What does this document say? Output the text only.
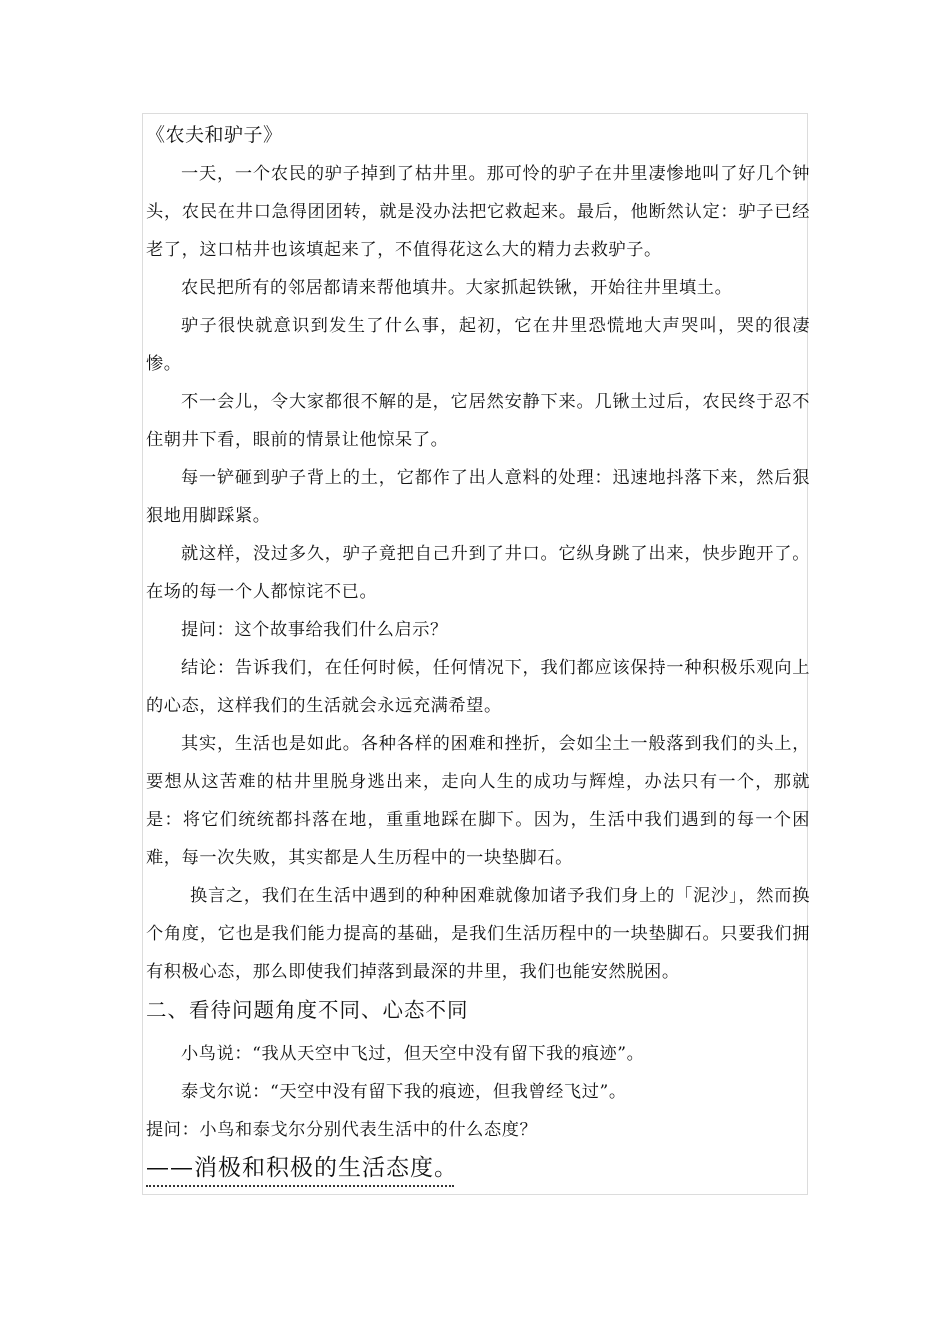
《农夫和驴子》

一天，一个农民的驴子掉到了枯井里。那可怜的驴子在井里凄惨地叫了好几个钟头，农民在井口急得团团转，就是没办法把它救起来。最后，他断然认定：驴子已经老了，这口枯井也该填起来了，不值得花这么大的精力去救驴子。

农民把所有的邻居都请来帮他填井。大家抓起铁锹，开始往井里填土。

驴子很快就意识到发生了什么事，起初，它在井里恐慌地大声哭叫，哭的很凄惨。

不一会儿，令大家都很不解的是，它居然安静下来。几锹土过后，农民终于忍不住朝井下看，眼前的情景让他惊呆了。

每一铲砸到驴子背上的土，它都作了出人意料的处理：迅速地抖落下来，然后狠狠地用脚踩紧。

就这样，没过多久，驴子竟把自己升到了井口。它纵身跳了出来，快步跑开了。在场的每一个人都惊诧不已。

提问：这个故事给我们什么启示？

结论：告诉我们，在任何时候，任何情况下，我们都应该保持一种积极乐观向上的心态，这样我们的生活就会永远充满希望。

其实，生活也是如此。各种各样的困难和挫折，会如尘土一般落到我们的头上，要想从这苦难的枯井里脱身逃出来，走向人生的成功与辉煌，办法只有一个，那就是：将它们统统都抖落在地，重重地踩在脚下。因为，生活中我们遇到的每一个困难，每一次失败，其实都是人生历程中的一块垫脚石。

换言之，我们在生活中遇到的种种困难就像加诸予我们身上的「泥沙」，然而换个角度，它也是我们能力提高的基础，是我们生活历程中的一块垫脚石。只要我们拥有积极心态，那么即使我们掉落到最深的井里，我们也能安然脱困。

二、看待问题角度不同、心态不同

小鸟说：“我从天空中飞过，但天空中没有留下我的痕迹”。

泰戈尔说：“天空中没有留下我的痕迹，但我曾经飞过”。

提问：小鸟和泰戈尔分别代表生活中的什么态度？

——消极和积极的生活态度。
